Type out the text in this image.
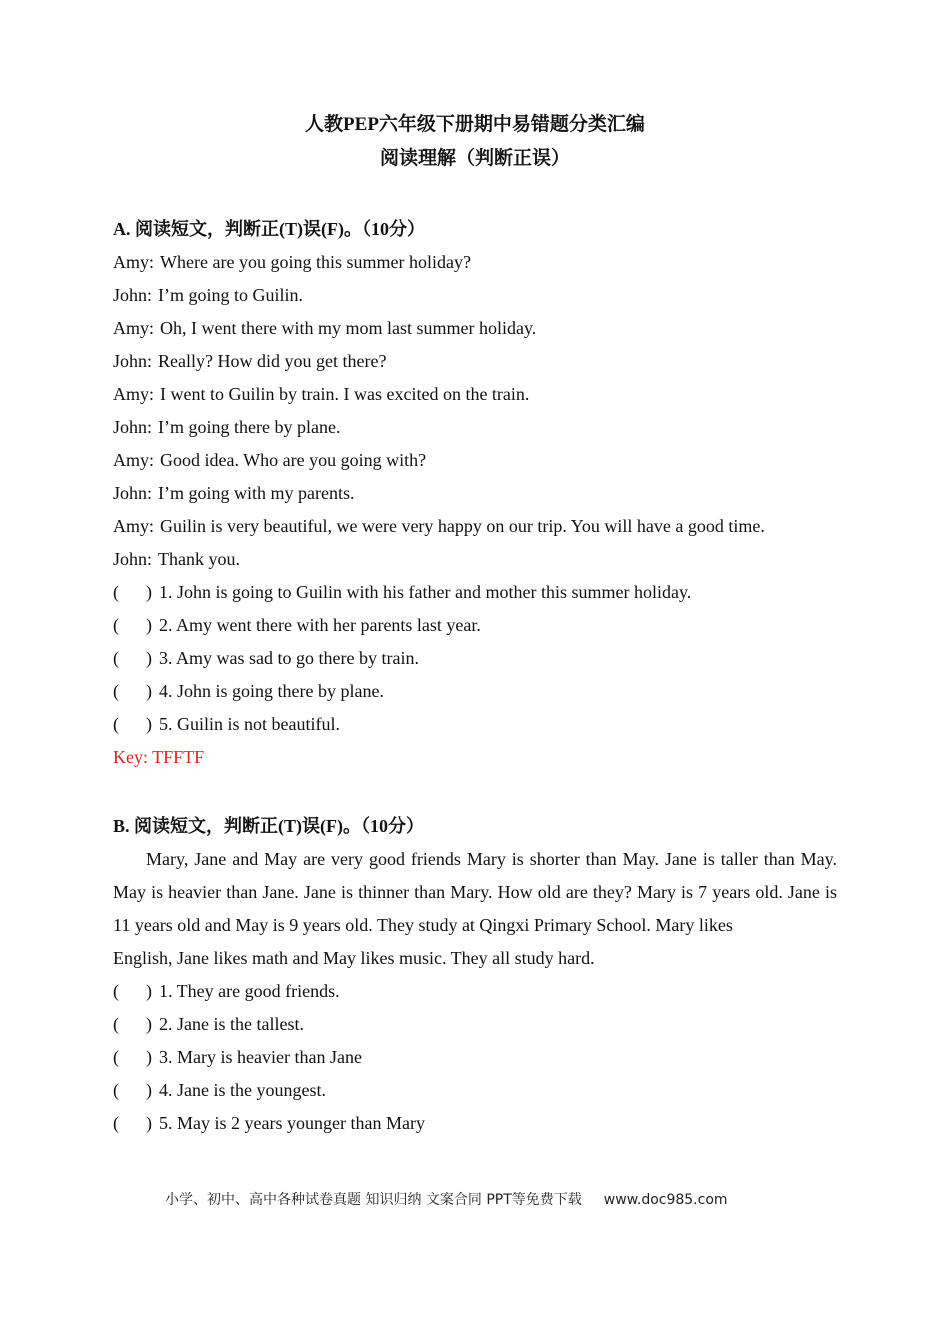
人教PEP六年级下册期中易错题分类汇编
阅读理解（判断正误）
A. 阅读短文，判断正(T)误(F)。（10分）
Amy: Where are you going this summer holiday?
John: I’m going to Guilin.
Amy: Oh, I went there with my mom last summer holiday.
John: Really? How did you get there?
Amy: I went to Guilin by train. I was excited on the train.
John: I’m going there by plane.
Amy: Good idea. Who are you going with?
John: I’m going with my parents.
Amy: Guilin is very beautiful, we were very happy on our trip. You will have a good time.
John: Thank you.
(      ) 1. John is going to Guilin with his father and mother this summer holiday.
(      ) 2. Amy went there with her parents last year.
(      ) 3. Amy was sad to go there by train.
(      ) 4. John is going there by plane.
(      ) 5. Guilin is not beautiful.
Key: TFFTF
B. 阅读短文，判断正(T)误(F)。（10分）
Mary, Jane and May are very good friends Mary is shorter than May. Jane is taller than May. May is heavier than Jane. Jane is thinner than Mary. How old are they? Mary is 7 years old. Jane is 11 years old and May is 9 years old. They study at Qingxi Primary School. Mary likes
English, Jane likes math and May likes music. They all study hard.
(      ) 1. They are good friends.
(      ) 2. Jane is the tallest.
(      ) 3. Mary is heavier than Jane
(      ) 4. Jane is the youngest.
(      ) 5. May is 2 years younger than Mary
小学、初中、高中各种试卷真题 知识归纳 文案合同 PPT等免费下载 www.doc985.com
